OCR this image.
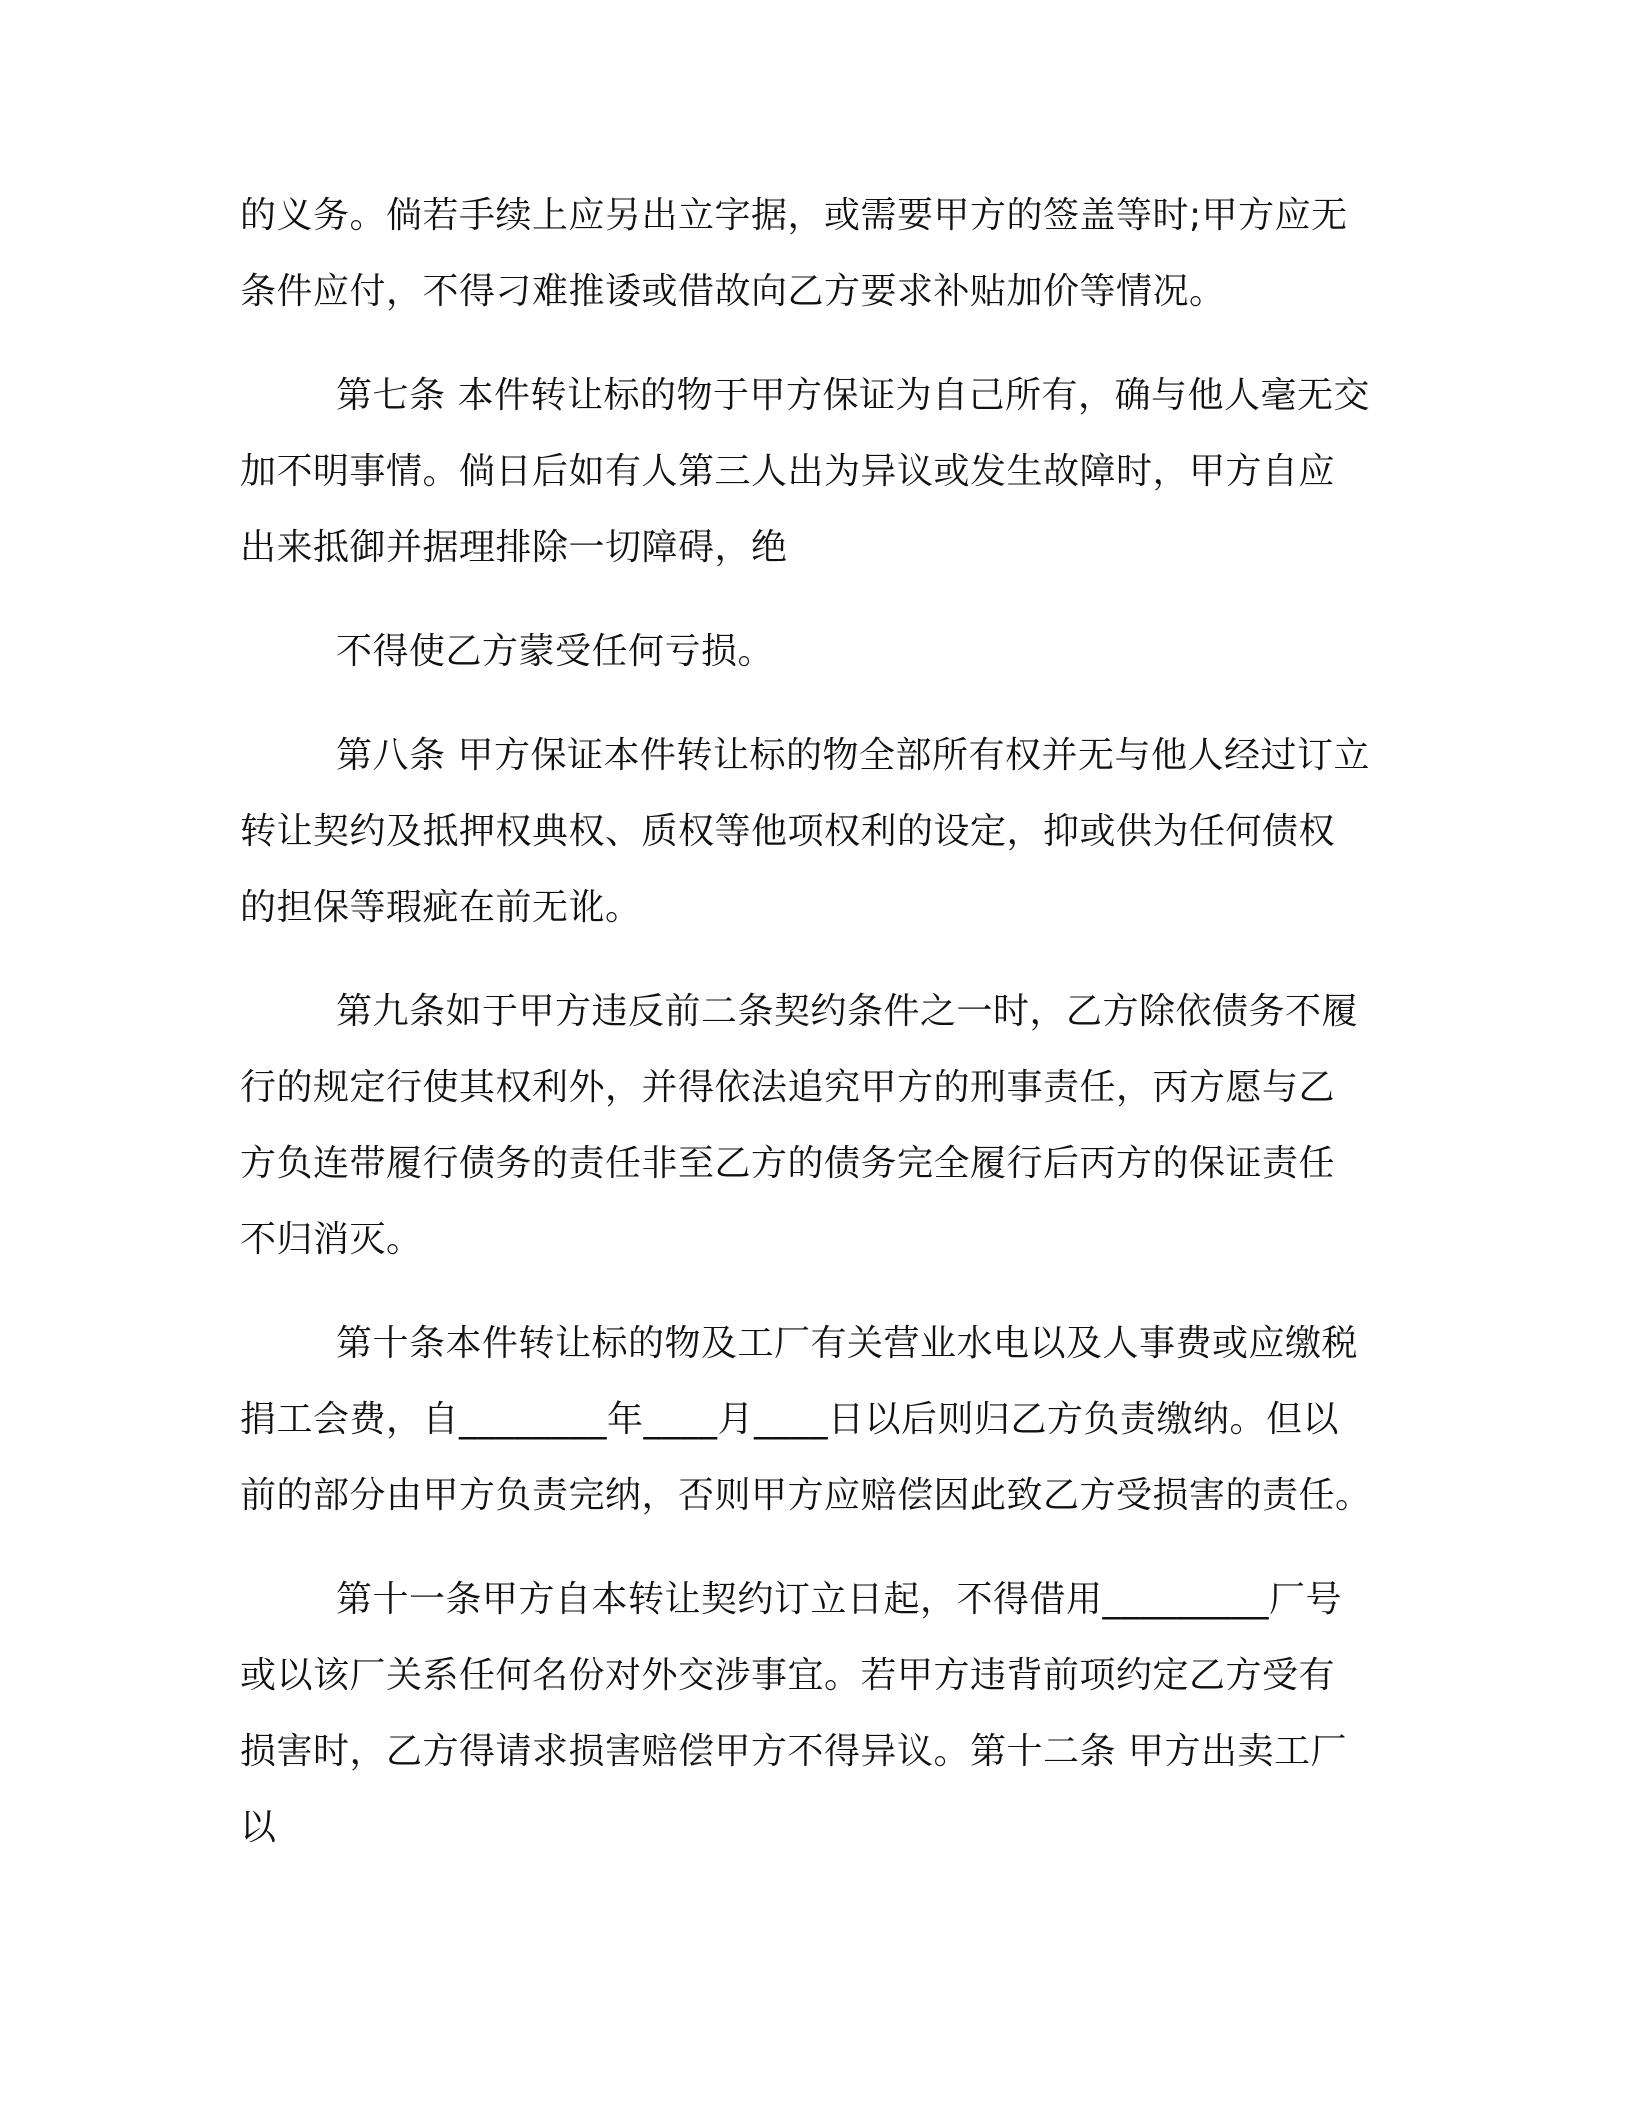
的义务。倘若手续上应另出立字据，或需要甲方的签盖等时;甲方应无
条件应付，不得刁难推诿或借故向乙方要求补贴加价等情况。
第七条 本件转让标的物于甲方保证为自己所有，确与他人毫无交
加不明事情。倘日后如有人第三人出为异议或发生故障时，甲方自应
出来抵御并据理排除一切障碍，绝
不得使乙方蒙受任何亏损。
第八条 甲方保证本件转让标的物全部所有权并无与他人经过订立
转让契约及抵押权典权、质权等他项权利的设定，抑或供为任何债权
的担保等瑕疵在前无讹。
第九条如于甲方违反前二条契约条件之一时，乙方除依债务不履
行的规定行使其权利外，并得依法追究甲方的刑事责任，丙方愿与乙
方负连带履行债务的责任非至乙方的债务完全履行后丙方的保证责任
不归消灭。
第十条本件转让标的物及工厂有关营业水电以及人事费或应缴税
捐工会费，自________年____月____日以后则归乙方负责缴纳。但以
前的部分由甲方负责完纳，否则甲方应赔偿因此致乙方受损害的责任。
第十一条甲方自本转让契约订立日起，不得借用_________厂号
或以该厂关系任何名份对外交涉事宜。若甲方违背前项约定乙方受有
损害时，乙方得请求损害赔偿甲方不得异议。第十二条 甲方出卖工厂
以
